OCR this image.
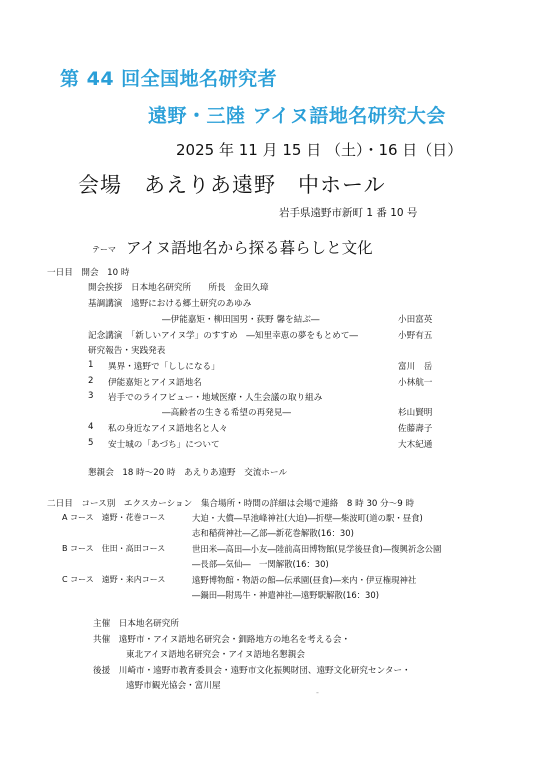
第 44 回全国地名研究者
遠野・三陸 アイヌ語地名研究大会
2025 年 11 月 15 日 （土）・16 日（日）
会場　あえりあ遠野　中ホール
岩手県遠野市新町 1 番 10 号
テーマ アイヌ語地名から探る暮らしと文化
一日目　開会　10 時
開会挨拶　日本地名研究所　　所長　金田久璋
基調講演　遠野における郷土研究のあゆみ
―伊能嘉矩・柳田国男・荻野 馨を結ぶ―	小田富英
記念講演　「新しいアイヌ学」のすすめ　―知里幸恵の夢をもとめて―	小野有五
研究報告・実践発表
1 異界・遠野で「ししになる」	富川　岳
2 伊能嘉矩とアイヌ語地名	小林航一
3 岩手でのライフビュー・地域医療・人生会議の取り組み
―高齢者の生きる希望の再発見―	杉山賢明
4 私の身近なアイヌ語地名と人々	佐藤壽子
5 安士城の「あづち」について	大木紀通
懇親会　18 時～20 時　あえりあ遠野　交流ホール
二日目　コース別　エクスカーション　集合場所・時間の詳細は会場で連絡　8 時 30 分～9 時
A コース　遠野・花巻コース	大迫・大償―早池峰神社(大迫)―折壁―柴波町(道の駅・昼食)
志和稲荷神社―乙部―新花巻解散(16：30)
B コース　住田・高田コース	世田米―高田―小友―陸前高田博物館(見学後昼食)―復興祈念公園
―長部―気仙―　一関解散(16：30)
C コース　遠野・来内コース	遠野博物館・物語の館―伝承園(昼食)―来内・伊豆権現神社
―鍋田―附馬牛・神遣神社―遠野駅解散(16：30)
主催　日本地名研究所
共催　遠野市・アイヌ語地名研究会・釧路地方の地名を考える会・
東北アイヌ語地名研究会・アイヌ語地名懇親会
後援　川崎市・遠野市教育委員会・遠野市文化振興財団、遠野文化研究センター・
遠野市観光協会・富川屋
-
